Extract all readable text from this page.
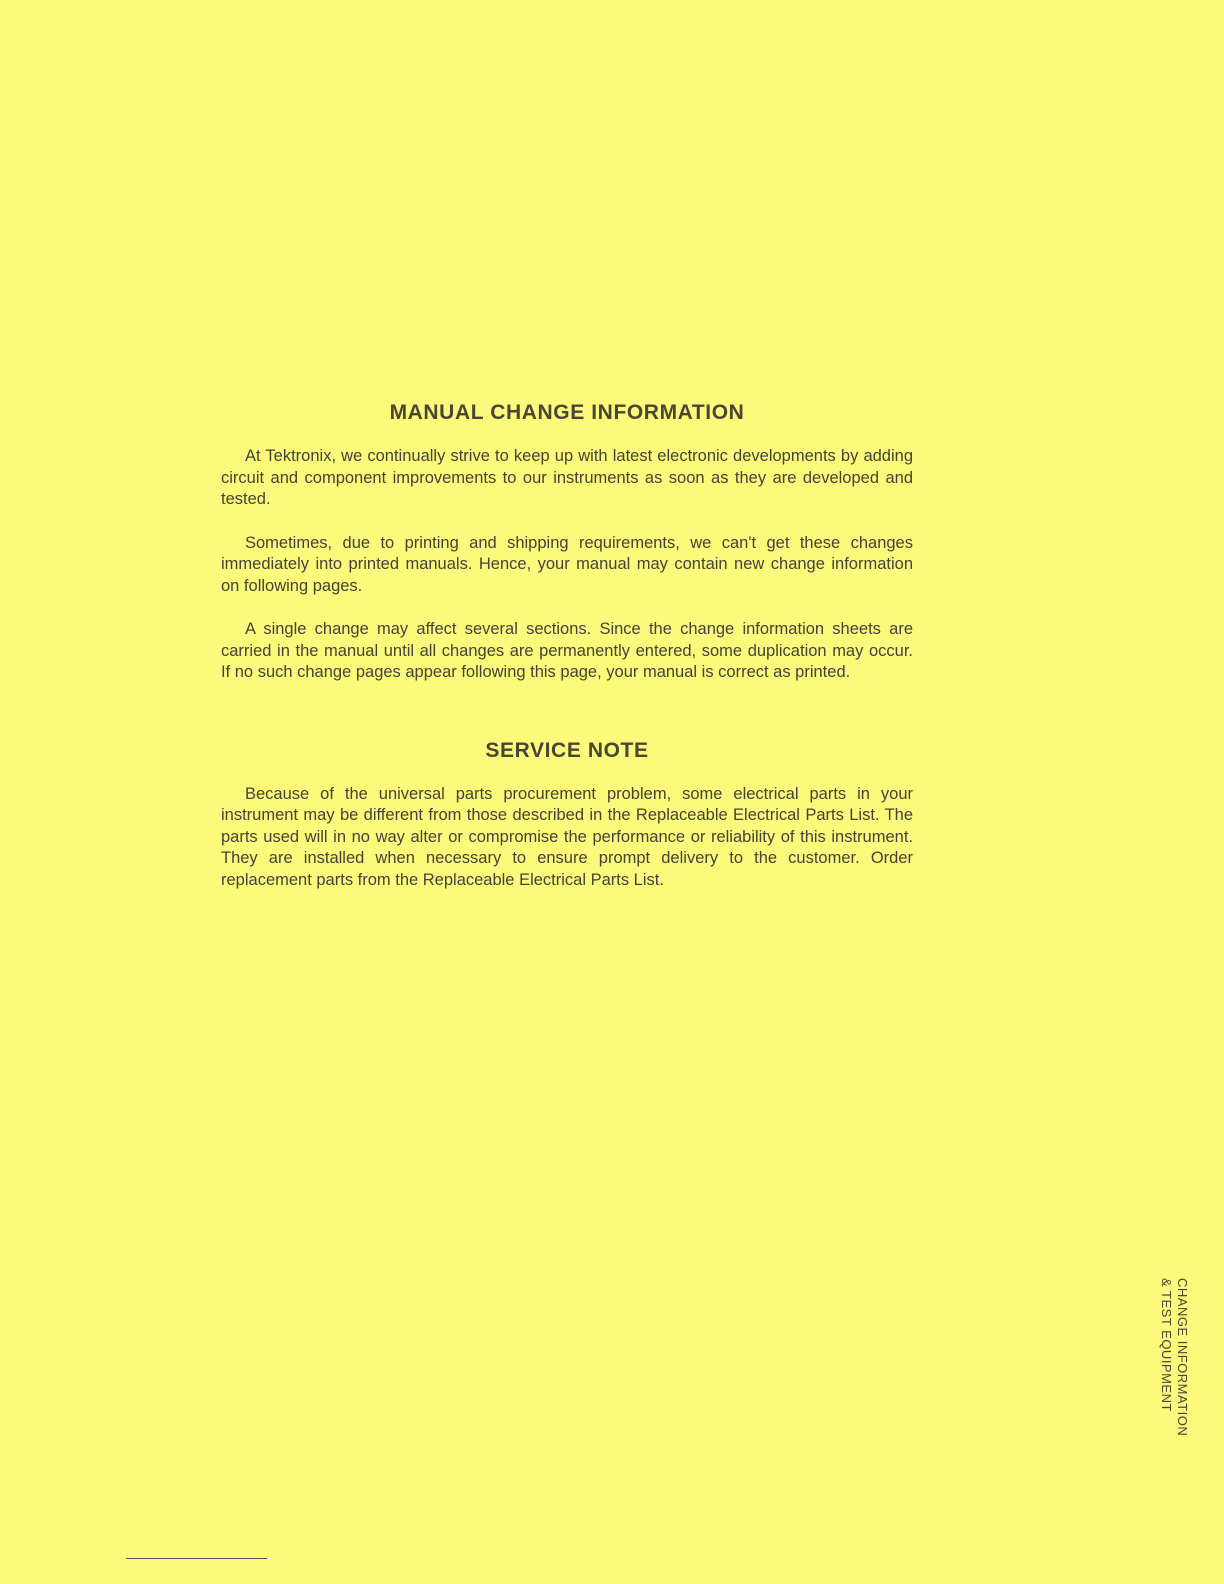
MANUAL CHANGE INFORMATION

At Tektronix, we continually strive to keep up with latest electronic developments by adding circuit and component improvements to our instruments as soon as they are developed and tested.

Sometimes, due to printing and shipping requirements, we can't get these changes immediately into printed manuals. Hence, your manual may contain new change information on following pages.

A single change may affect several sections. Since the change information sheets are carried in the manual until all changes are permanently entered, some duplication may occur. If no such change pages appear following this page, your manual is correct as printed.

SERVICE NOTE

Because of the universal parts procurement problem, some electrical parts in your instrument may be different from those described in the Replaceable Electrical Parts List. The parts used will in no way alter or compromise the performance or reliability of this instrument. They are installed when necessary to ensure prompt delivery to the customer. Order replacement parts from the Replaceable Electrical Parts List.

CHANGE INFORMATION
& TEST EQUIPMENT
